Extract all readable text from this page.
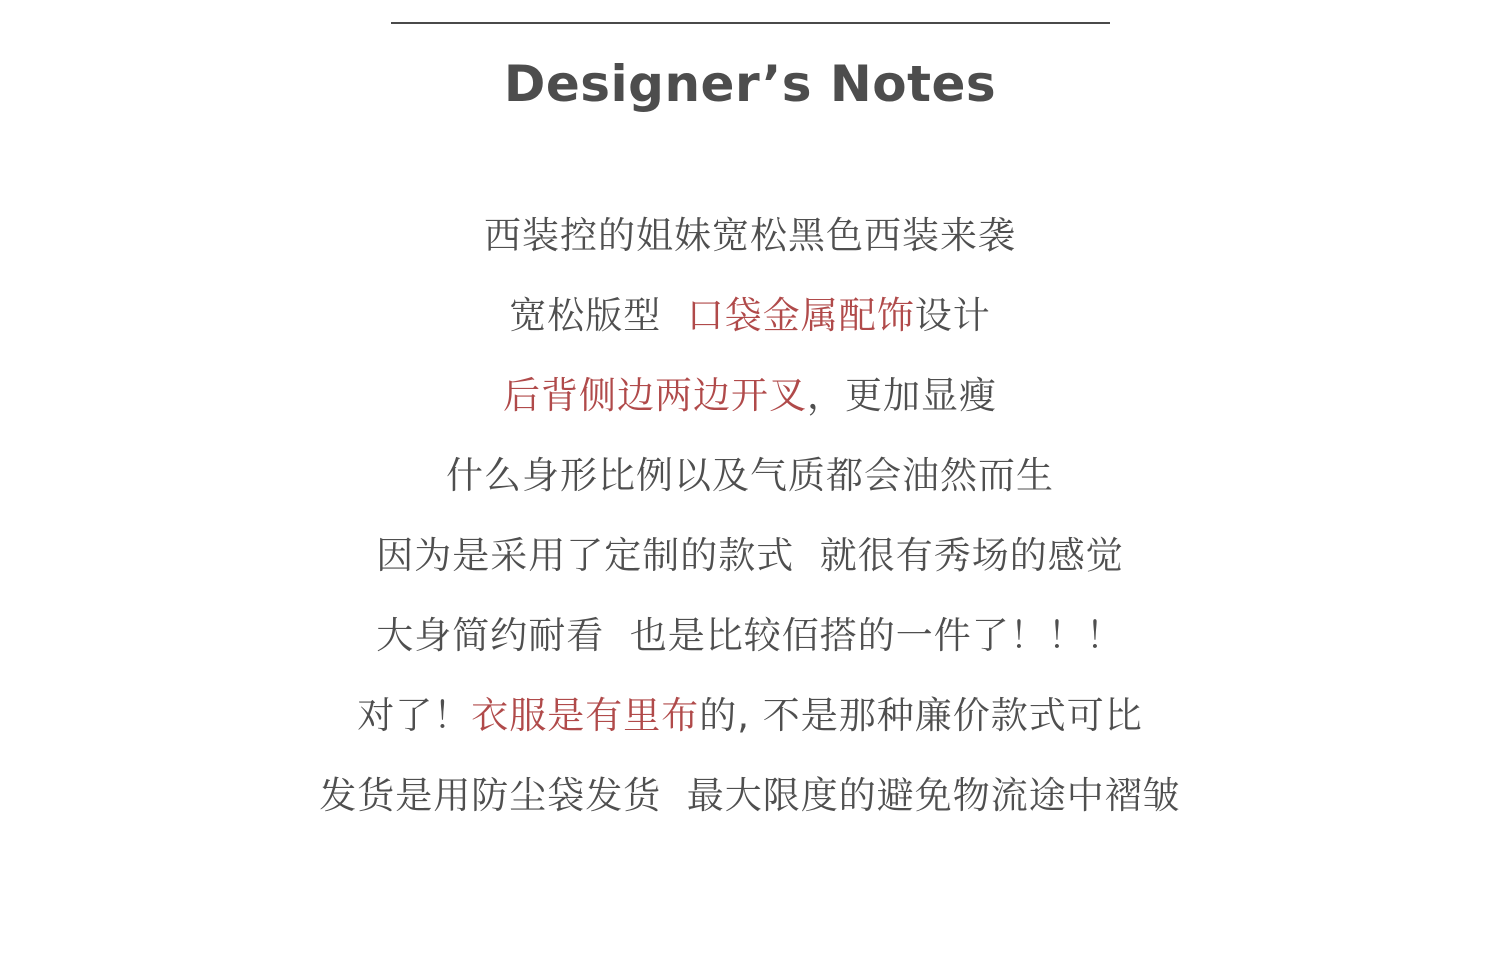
Designer’s Notes
西装控的姐妹宽松黑色西装来袭
宽松版型  口袋金属配饰设计
后背侧边两边开叉，更加显瘦
什么身形比例以及气质都会油然而生
因为是采用了定制的款式  就很有秀场的感觉
大身简约耐看  也是比较佰搭的一件了！！！
对了！衣服是有里布的, 不是那种廉价款式可比
发货是用防尘袋发货  最大限度的避免物流途中褶皱
